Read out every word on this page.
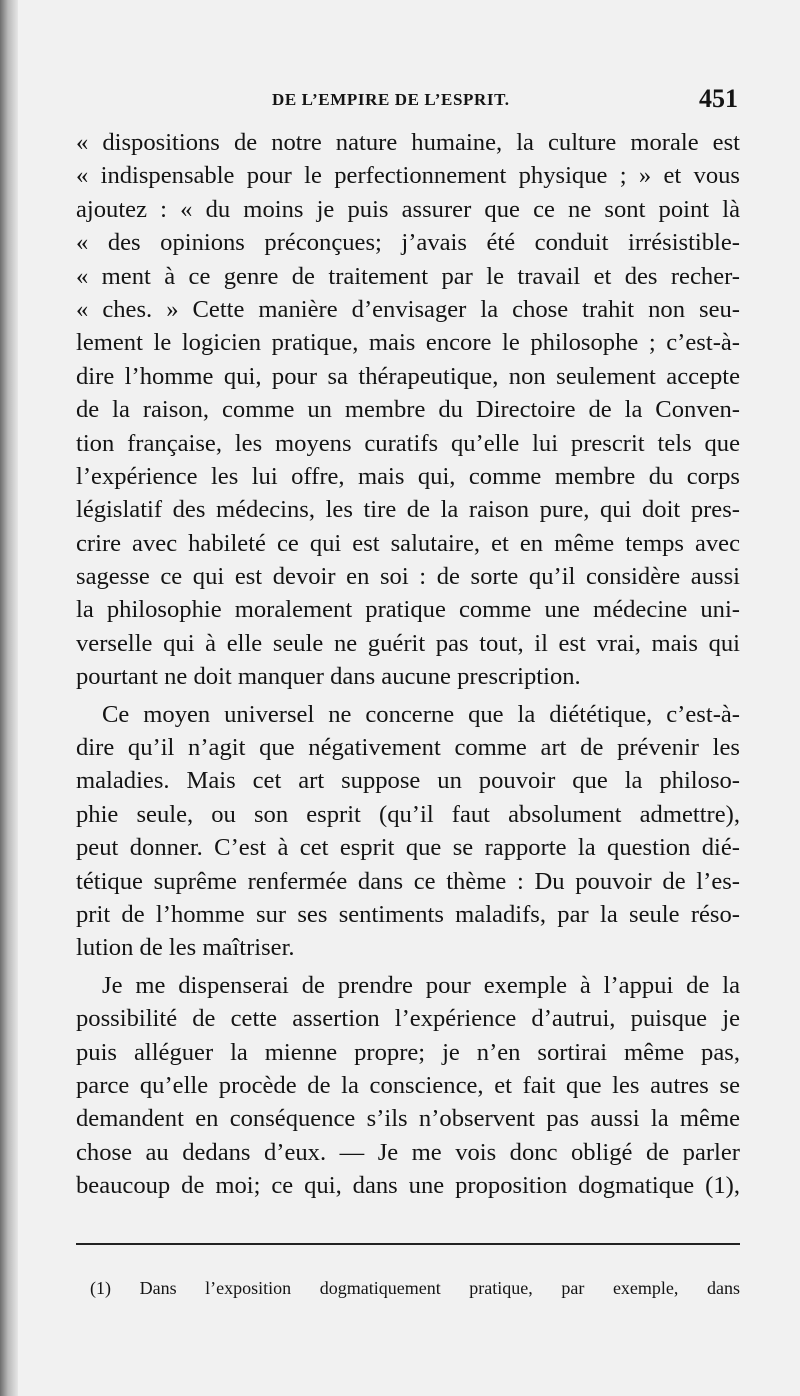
DE L’EMPIRE DE L’ESPRIT.	451
« dispositions de notre nature humaine, la culture morale est
« indispensable pour le perfectionnement physique ; » et vous
ajoutez : « du moins je puis assurer que ce ne sont point là
« des opinions préconçues; j’avais été conduit irrésistible-
« ment à ce genre de traitement par le travail et des recher-
« ches. » Cette manière d’envisager la chose trahit non seu-
lement le logicien pratique, mais encore le philosophe ; c’est-à-
dire l’homme qui, pour sa thérapeutique, non seulement accepte
de la raison, comme un membre du Directoire de la Conven-
tion française, les moyens curatifs qu’elle lui prescrit tels que
l’expérience les lui offre, mais qui, comme membre du corps
législatif des médecins, les tire de la raison pure, qui doit pres-
crire avec habileté ce qui est salutaire, et en même temps avec
sagesse ce qui est devoir en soi : de sorte qu’il considère aussi
la philosophie moralement pratique comme une médecine uni-
verselle qui à elle seule ne guérit pas tout, il est vrai, mais qui
pourtant ne doit manquer dans aucune prescription.
Ce moyen universel ne concerne que la diététique, c’est-à-
dire qu’il n’agit que négativement comme art de prévenir les
maladies. Mais cet art suppose un pouvoir que la philoso-
phie seule, ou son esprit (qu’il faut absolument admettre),
peut donner. C’est à cet esprit que se rapporte la question dié-
tétique suprême renfermée dans ce thème : Du pouvoir de l’es-
prit de l’homme sur ses sentiments maladifs, par la seule réso-
lution de les maîtriser.
Je me dispenserai de prendre pour exemple à l’appui de la
possibilité de cette assertion l’expérience d’autrui, puisque je
puis alléguer la mienne propre; je n’en sortirai même pas,
parce qu’elle procède de la conscience, et fait que les autres se
demandent en conséquence s’ils n’observent pas aussi la même
chose au dedans d’eux. — Je me vois donc obligé de parler
beaucoup de moi; ce qui, dans une proposition dogmatique (1),
(1) Dans l’exposition dogmatiquement pratique, par exemple, dans
